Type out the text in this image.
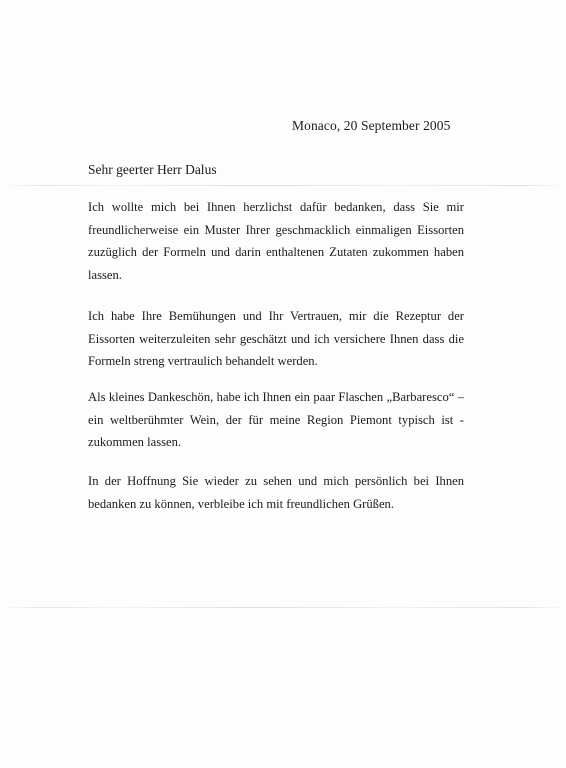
Monaco, 20 September 2005
Sehr geerter Herr Dalus
Ich wollte mich bei Ihnen herzlichst dafür bedanken, dass Sie mir freundlicherweise ein Muster Ihrer geschmacklich einmaligen Eissorten zuzüglich der Formeln und darin enthaltenen Zutaten zukommen haben lassen.
Ich habe Ihre Bemühungen und Ihr Vertrauen, mir die Rezeptur der Eissorten weiterzuleiten sehr geschätzt und ich versichere Ihnen dass die Formeln streng vertraulich behandelt werden.
Als kleines Dankeschön, habe ich Ihnen ein paar Flaschen „Barbaresco“ – ein weltberühmter Wein, der für meine Region Piemont typisch ist - zukommen lassen.
In der Hoffnung Sie wieder zu sehen und mich persönlich bei Ihnen bedanken zu können, verbleibe ich mit freundlichen Grüßen.
